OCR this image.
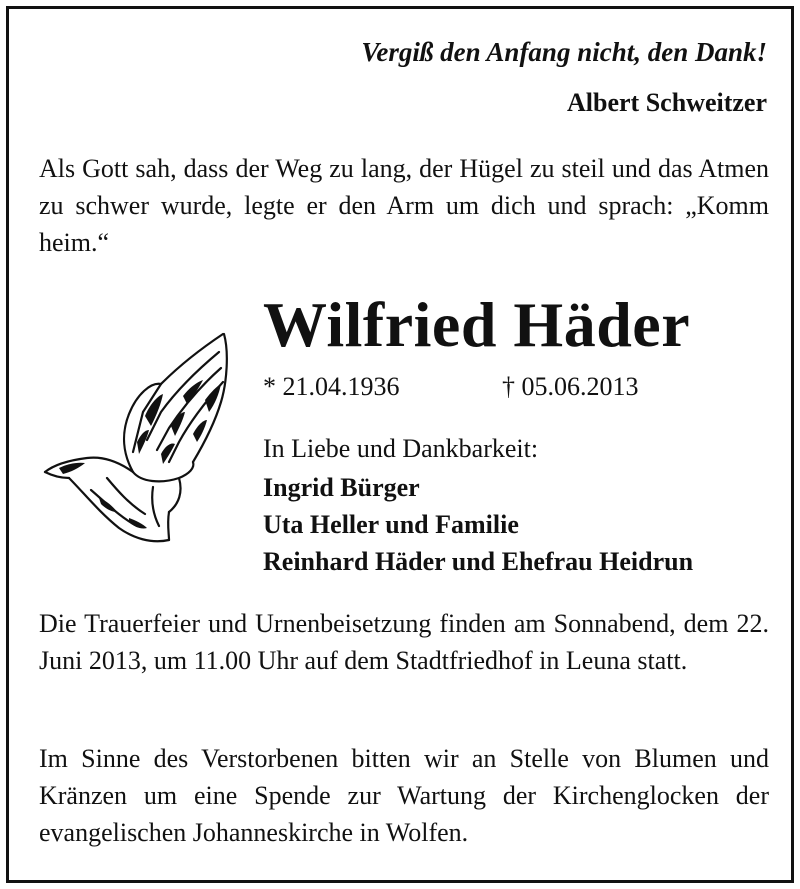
Vergiß den Anfang nicht, den Dank!
Albert Schweitzer

Als Gott sah, dass der Weg zu lang, der Hügel zu steil und das Atmen zu schwer wurde, legte er den Arm um dich und sprach: „Komm heim.“

Wilfried Häder
* 21.04.1936	† 05.06.2013
In Liebe und Dankbarkeit:
Ingrid Bürger
Uta Heller und Familie
Reinhard Häder und Ehefrau Heidrun

Die Trauerfeier und Urnenbeisetzung finden am Sonnabend, dem 22. Juni 2013, um 11.00 Uhr auf dem Stadtfriedhof in Leuna statt.

Im Sinne des Verstorbenen bitten wir an Stelle von Blumen und Kränzen um eine Spende zur Wartung der Kirchenglocken der evangelischen Johanneskirche in Wolfen.
